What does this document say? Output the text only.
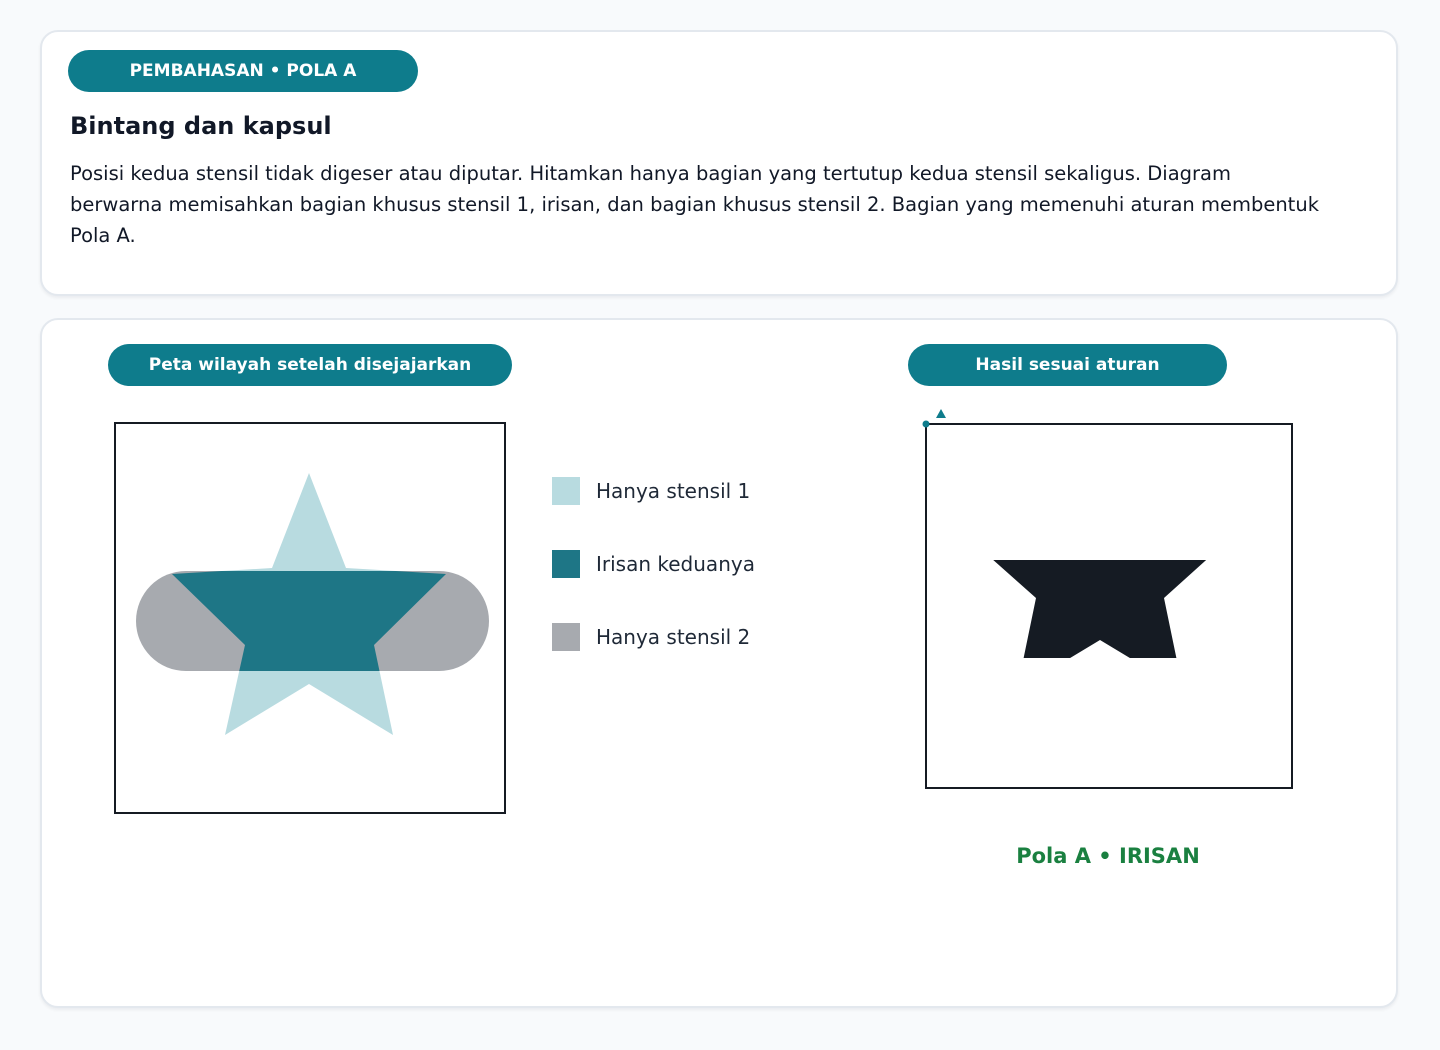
PEMBAHASAN • POLA A
Bintang dan kapsul

Posisi kedua stensil tidak digeser atau diputar. Hitamkan hanya bagian yang tertutup kedua stensil sekaligus. Diagram berwarna memisahkan bagian khusus stensil 1, irisan, dan bagian khusus stensil 2. Bagian yang memenuhi aturan membentuk Pola A.

Peta wilayah setelah disejajarkan
Hanya stensil 1
Irisan keduanya
Hanya stensil 2
Hasil sesuai aturan
Pola A • IRISAN
